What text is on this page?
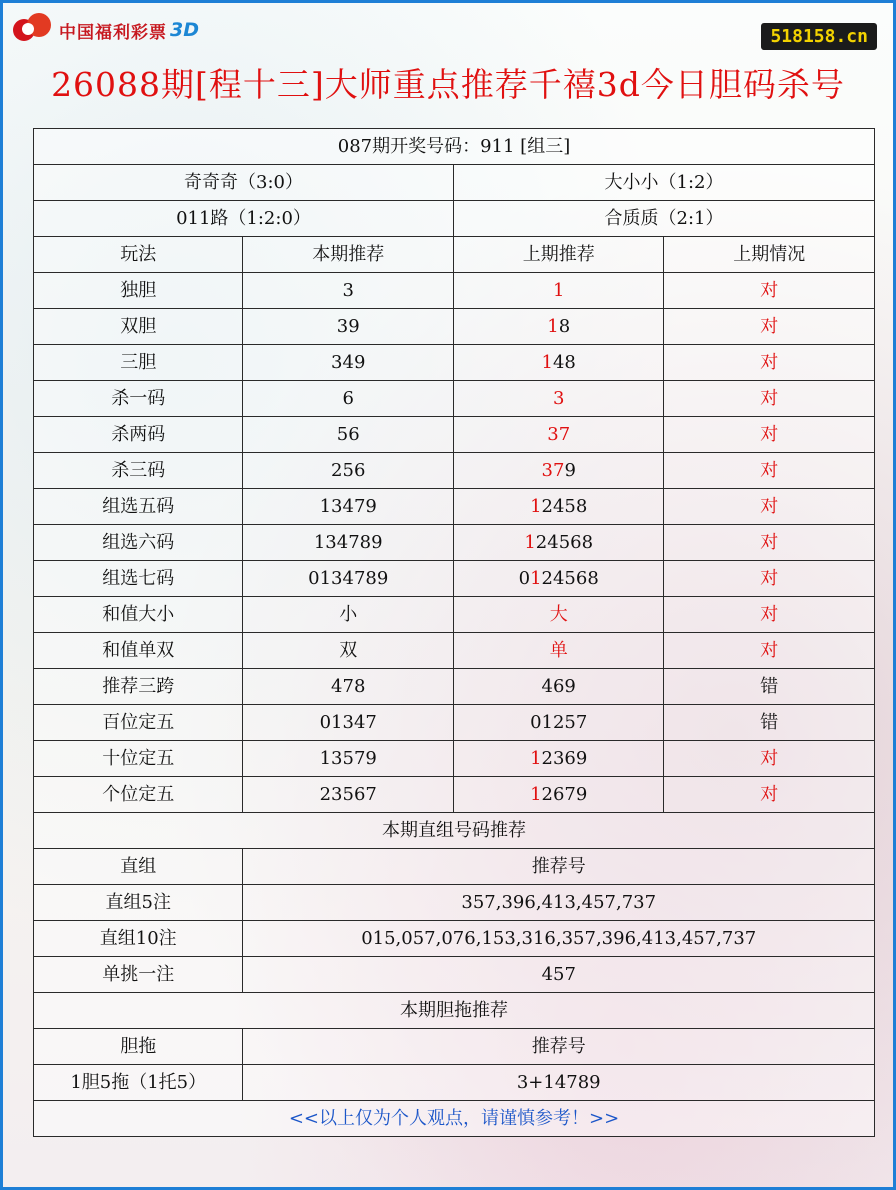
中国福利彩票 3D	518158.cn
26088期[程十三]大师重点推荐千禧3d今日胆码杀号
087期开奖号码：911 [组三]			
奇奇奇（3:0）		大小小（1:2）	
011路（1:2:0）		合质质（2:1）	
玩法	本期推荐	上期推荐	上期情况
独胆	3	1	对
双胆	39	18	对
三胆	349	148	对
杀一码	6	3	对
杀两码	56	37	对
杀三码	256	379	对
组选五码	13479	12458	对
组选六码	134789	124568	对
组选七码	0134789	0124568	对
和值大小	小	大	对
和值单双	双	单	对
推荐三跨	478	469	错
百位定五	01347	01257	错
十位定五	13579	12369	对
个位定五	23567	12679	对
本期直组号码推荐			
直组	推荐号		
直组5注	357,396,413,457,737		
直组10注	015,057,076,153,316,357,396,413,457,737		
单挑一注	457		
本期胆拖推荐			
胆拖	推荐号		
1胆5拖（1托5）	3+14789		
<<以上仅为个人观点，请谨慎参考！>>			
